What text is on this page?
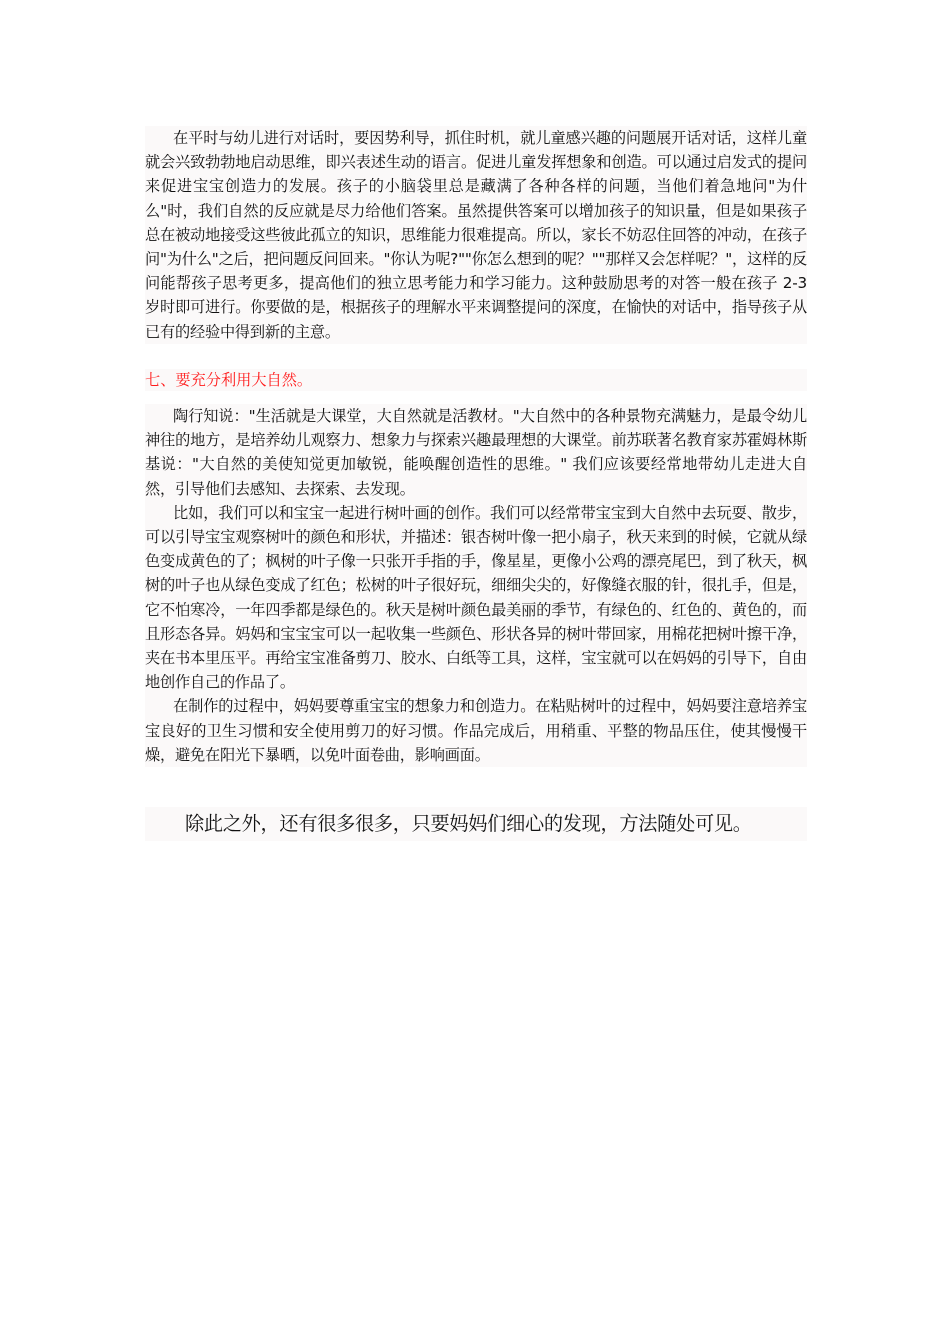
在平时与幼儿进行对话时，要因势利导，抓住时机，就儿童感兴趣的问题展开话对话，这样儿童就会兴致勃勃地启动思维，即兴表述生动的语言。促进儿童发挥想象和创造。可以通过启发式的提问来促进宝宝创造力的发展。孩子的小脑袋里总是藏满了各种各样的问题，当他们着急地问"为什么"时，我们自然的反应就是尽力给他们答案。虽然提供答案可以增加孩子的知识量，但是如果孩子总在被动地接受这些彼此孤立的知识，思维能力很难提高。所以，家长不妨忍住回答的冲动，在孩子问"为什么"之后，把问题反问回来。"你认为呢?""你怎么想到的呢？""那样又会怎样呢？"，这样的反问能帮孩子思考更多，提高他们的独立思考能力和学习能力。这种鼓励思考的对答一般在孩子 2-3 岁时即可进行。你要做的是，根据孩子的理解水平来调整提问的深度，在愉快的对话中，指导孩子从已有的经验中得到新的主意。

七、要充分利用大自然。

陶行知说："生活就是大课堂，大自然就是活教材。"大自然中的各种景物充满魅力，是最令幼儿神往的地方，是培养幼儿观察力、想象力与探索兴趣最理想的大课堂。前苏联著名教育家苏霍姆林斯基说："大自然的美使知觉更加敏锐，能唤醒创造性的思维。" 我们应该要经常地带幼儿走进大自然，引导他们去感知、去探索、去发现。

比如，我们可以和宝宝一起进行树叶画的创作。我们可以经常带宝宝到大自然中去玩耍、散步，可以引导宝宝观察树叶的颜色和形状，并描述：银杏树叶像一把小扇子，秋天来到的时候，它就从绿色变成黄色的了；枫树的叶子像一只张开手指的手，像星星，更像小公鸡的漂亮尾巴，到了秋天，枫树的叶子也从绿色变成了红色；松树的叶子很好玩，细细尖尖的，好像缝衣服的针，很扎手，但是，它不怕寒冷，一年四季都是绿色的。秋天是树叶颜色最美丽的季节，有绿色的、红色的、黄色的，而且形态各异。妈妈和宝宝宝可以一起收集一些颜色、形状各异的树叶带回家，用棉花把树叶擦干净，夹在书本里压平。再给宝宝准备剪刀、胶水、白纸等工具，这样，宝宝就可以在妈妈的引导下，自由地创作自己的作品了。

在制作的过程中，妈妈要尊重宝宝的想象力和创造力。在粘贴树叶的过程中，妈妈要注意培养宝宝良好的卫生习惯和安全使用剪刀的好习惯。作品完成后，用稍重、平整的物品压住，使其慢慢干燥，避免在阳光下暴晒，以免叶面卷曲，影响画面。

除此之外，还有很多很多，只要妈妈们细心的发现，方法随处可见。
